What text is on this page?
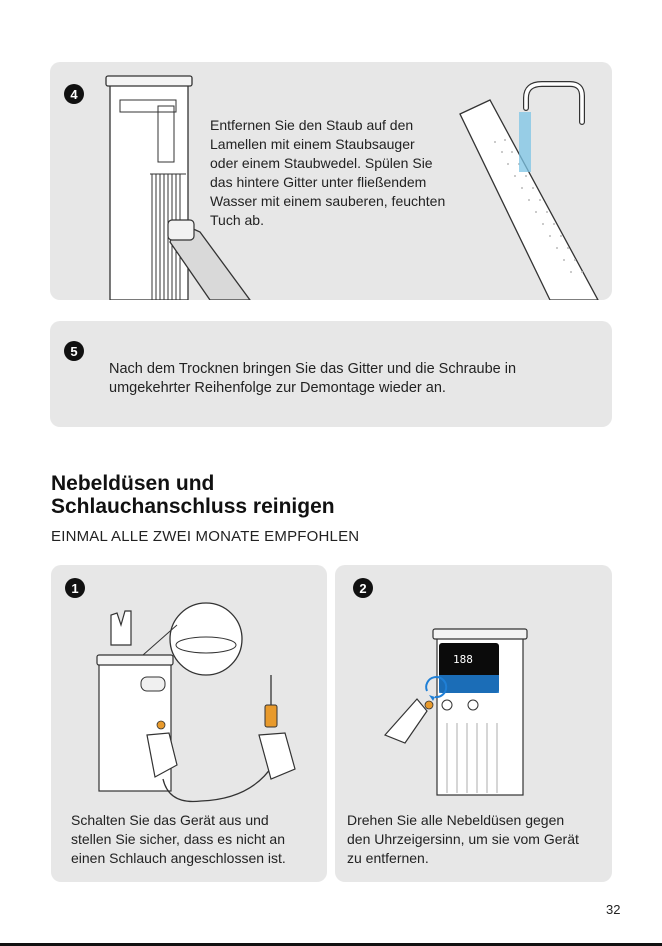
4
Entfernen Sie den Staub auf den
Lamellen mit einem Staubsauger
oder einem Staubwedel. Spülen Sie
das hintere Gitter unter fließendem
Wasser mit einem sauberen, feuchten
Tuch ab.
5
Nach dem Trocknen bringen Sie das Gitter und die Schraube in
umgekehrter Reihenfolge zur Demontage wieder an.
Nebeldüsen und
Schlauchanschluss reinigen
EINMAL ALLE ZWEI MONATE EMPFOHLEN
1
Schalten Sie das Gerät aus und
stellen Sie sicher, dass es nicht an
einen Schlauch angeschlossen ist.
2
188
Drehen Sie alle Nebeldüsen gegen
den Uhrzeigersinn, um sie vom Gerät
zu entfernen.
32
